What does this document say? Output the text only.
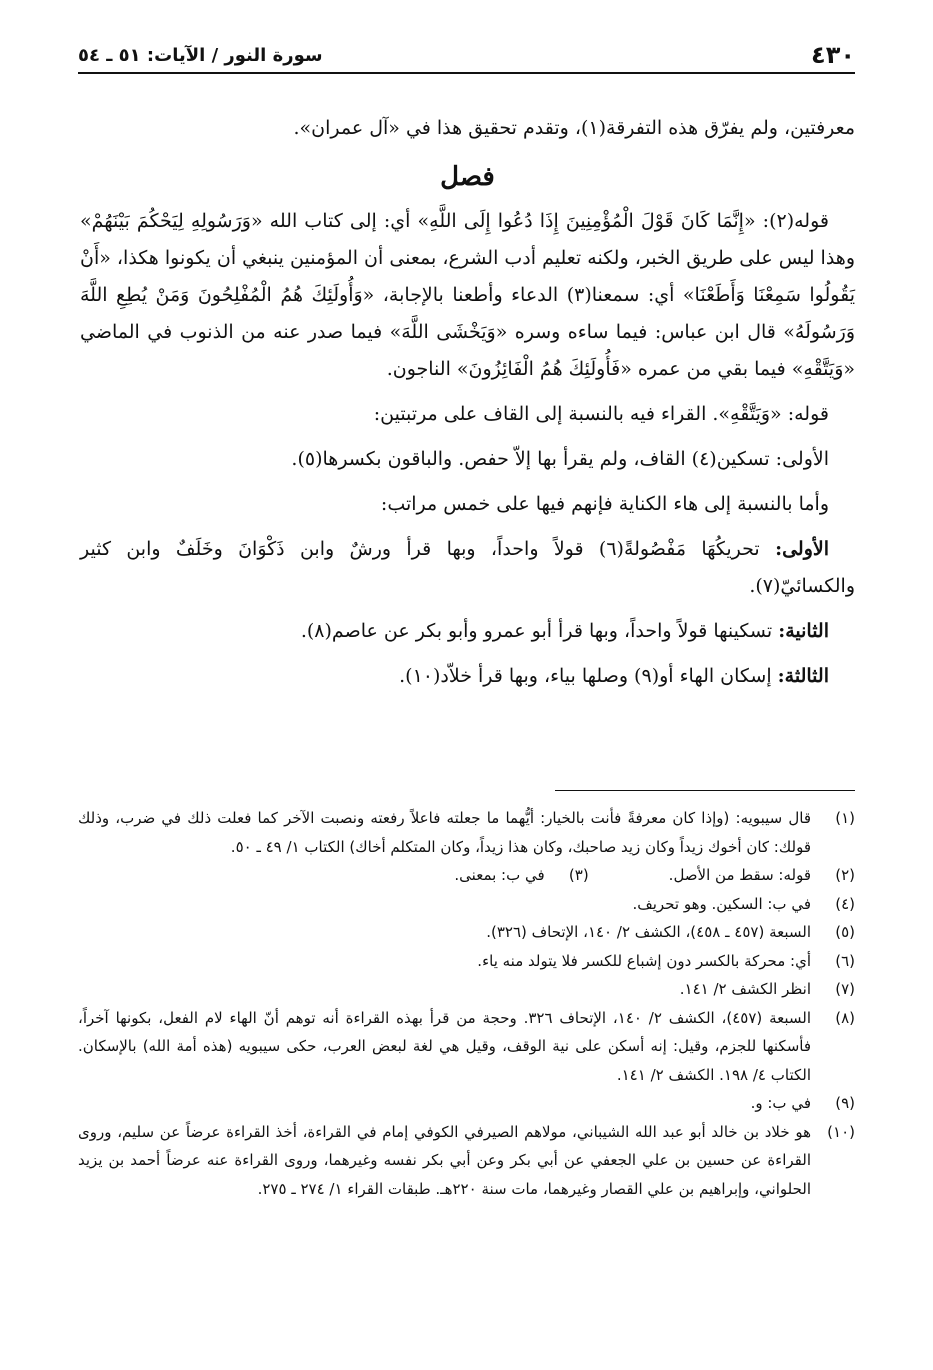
٤٣٠
سورة النور / الآيات: ٥١ ـ ٥٤

معرفتين، ولم يفرّق هذه التفرقة(١)، وتقدم تحقيق هذا في «آل عمران».

فصل

قوله(٢): «إِنَّمَا كَانَ قَوْلَ الْمُؤْمِنِينَ إِذَا دُعُوا إِلَى اللَّهِ» أي: إلى كتاب الله «وَرَسُولِهِ لِيَحْكُمَ بَيْنَهُمْ» وهذا ليس على طريق الخبر، ولكنه تعليم أدب الشرع، بمعنى أن المؤمنين ينبغي أن يكونوا هكذا، «أَنْ يَقُولُوا سَمِعْنَا وَأَطَعْنَا» أي: سمعنا(٣) الدعاء وأطعنا بالإجابة، «وَأُولَئِكَ هُمُ الْمُفْلِحُونَ وَمَنْ يُطِعِ اللَّهَ وَرَسُولَهُ» قال ابن عباس: فيما ساءه وسره «وَيَخْشَى اللَّهَ» فيما صدر عنه من الذنوب في الماضي «وَيَتَّقْهِ» فيما بقي من عمره «فَأُولَئِكَ هُمُ الْفَائِزُونَ» الناجون.

قوله: «وَيَتَّقْهِ». القراء فيه بالنسبة إلى القاف على مرتبتين:

الأولى: تسكين(٤) القاف، ولم يقرأ بها إلاّ حفص. والباقون بكسرها(٥).

وأما بالنسبة إلى هاء الكناية فإنهم فيها على خمس مراتب:

الأولى: تحريكُهَا مَفْصُولةً(٦) قولاً واحداً، وبها قرأ ورشٌ وابن ذَكْوَانَ وخَلَفٌ وابن كثير والكسائيّ(٧).

الثانية: تسكينها قولاً واحداً، وبها قرأ أبو عمرو وأبو بكر عن عاصم(٨).

الثالثة: إسكان الهاء أو(٩) وصلها بياء، وبها قرأ خلاّد(١٠).

(١)
قال سيبويه: (وإذا كان معرفةً فأنت بالخيار: أيُّهما ما جعلته فاعلاً رفعته ونصبت الآخر كما فعلت ذلك في ضرب، وذلك قولك: كان أخوك زيداً وكان زيد صاحبك، وكان هذا زيداً، وكان المتكلم أخاك) الكتاب ١/ ٤٩ ـ ٥٠.
(٢)
قوله: سقط من الأصل.
(٣)
في ب: بمعنى.
(٤)
في ب: السكين. وهو تحريف.
(٥)
السبعة (٤٥٧ ـ ٤٥٨)، الكشف ٢/ ١٤٠، الإتحاف (٣٢٦).
(٦)
أي: محركة بالكسر دون إشباع للكسر فلا يتولد منه ياء.
(٧)
انظر الكشف ٢/ ١٤١.
(٨)
السبعة (٤٥٧)، الكشف ٢/ ١٤٠، الإتحاف ٣٢٦. وحجة من قرأ بهذه القراءة أنه توهم أنّ الهاء لام الفعل، بكونها آخراً، فأسكنها للجزم، وقيل: إنه أسكن على نية الوقف، وقيل هي لغة لبعض العرب، حكى سيبويه (هذه أمة الله) بالإسكان. الكتاب ٤/ ١٩٨. الكشف ٢/ ١٤١.
(٩)
في ب: و.
(١٠)
هو خلاد بن خالد أبو عبد الله الشيباني، مولاهم الصيرفي الكوفي إمام في القراءة، أخذ القراءة عرضاً عن سليم، وروى القراءة عن حسين بن علي الجعفي عن أبي بكر وعن أبي بكر نفسه وغيرهما، وروى القراءة عنه عرضاً أحمد بن يزيد الحلواني، وإبراهيم بن علي القصار وغيرهما، مات سنة ٢٢٠هـ. طبقات القراء ١/ ٢٧٤ ـ ٢٧٥.
